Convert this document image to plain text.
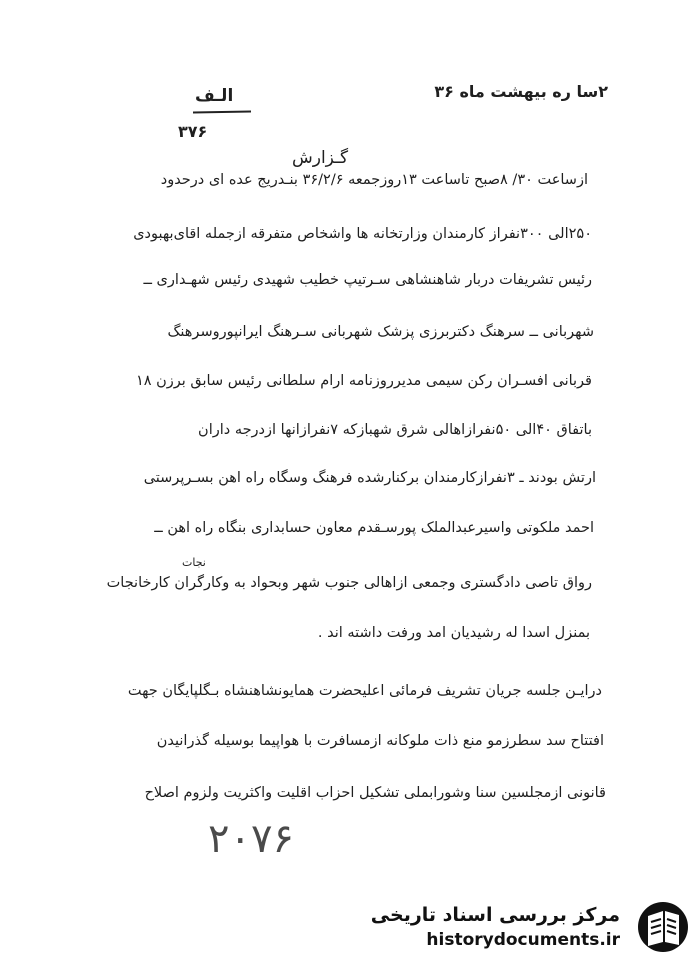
۲سا ره بیهشت ماه ۳۶
الـف
۳۷۶
گـزارش
ازساعت ۳۰/ ۸صبح تاساعت ۱۳روزجمعه ۳۶/۲/۶ بنـدریج عده ای درحدود
۲۵۰الی ۳۰۰نفراز کارمندان وزارتخانه ها واشخاص متفرقه ازجمله اقای‌بهبودی
رئیس تشریفات دربار شاهنشاهی سـرتیپ خطیب شهیدی رئیس شهـداری ــ
شهربانی ــ سرهنگ دکتربرزی پزشک شهربانی سـرهنگ ایرانپوروسرهنگ
قربانی افسـران رکن سیمی مدیرروزنامه ارام سلطانی رئیس سابق برزن ۱۸
باتفاق ۴۰الی ۵۰نفرازاهالی شرق شهبازکه ۷نفرازانها ازدرجه داران
ارتش بودند ـ ۳نفرازکارمندان برکنارشده فرهنگ وسگاه راه اهن بسـرپرستی
احمد ملکوتی واسیرعبدالملک پورسـقدم معاون حسابداری بنگاه راه اهن ــ
نجات
رواق تاصی دادگستری وجمعی ازاهالی جنوب شهر وبحواد به وکارگران کارخانجات
بمنزل اسدا له رشیدیان امد ورفت داشته اند .
درایـن جلسه جریان تشریف فرمائی اعلیحضرت همایونشاهنشاه بـگلپایگان جهت
افتتاح سد سطرزمو منع ذات ملوکانه ازمسافرت با هواپیما بوسیله گذرانیدن
قانونی ازمجلسین سنا وشورابملی تشکیل احزاب اقلیت واکثریت ولزوم اصلاح
۲۰۷۶
مرکز بررسی اسناد تاریخی
historydocuments.ir
